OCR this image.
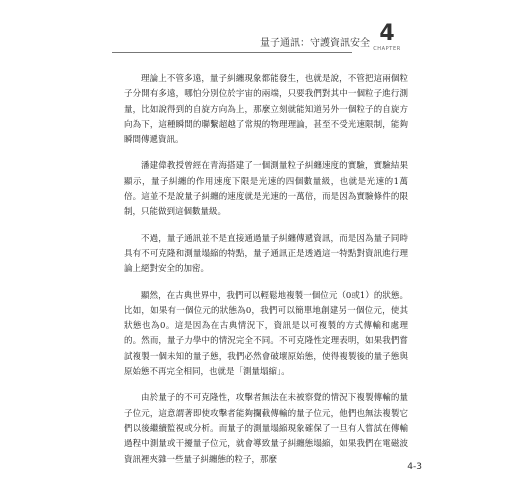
量子通訊：守護資訊安全 4
CHAPTER

理論上不管多遠，量子糾纏現象都能發生，也就是說，不管把這兩個粒子分開有多遠，哪怕分別位於宇宙的兩端，只要我們對其中一個粒子進行測量，比如說得到的自旋方向為上，那麼立刻就能知道另外一個粒子的自旋方向為下，這種瞬間的聯繫超越了常規的物理理論，甚至不受光速限制，能夠瞬間傳遞資訊。

潘建偉教授曾經在青海搭建了一個測量粒子糾纏速度的實驗，實驗結果顯示，量子糾纏的作用速度下限是光速的四個數量級，也就是光速的1萬倍。這並不是說量子糾纏的速度就是光速的一萬倍，而是因為實驗條件的限制，只能做到這個數量級。

不過，量子通訊並不是直接通過量子糾纏傳遞資訊，而是因為量子同時具有不可克隆和測量塌縮的特點，量子通訊正是透過這一特點對資訊進行理論上絕對安全的加密。

顯然，在古典世界中，我們可以輕鬆地複製一個位元（0或1）的狀態。比如，如果有一個位元的狀態為0，我們可以簡單地創建另一個位元，使其狀態也為0。這是因為在古典情況下，資訊是以可複製的方式傳輸和處理的。然而，量子力學中的情況完全不同。不可克隆性定理表明，如果我們嘗試複製一個未知的量子態，我們必然會破壞原始態，使得複製後的量子態與原始態不再完全相同，也就是「測量塌縮」。

由於量子的不可克隆性，攻擊者無法在未被察覺的情況下複製傳輸的量子位元，這意謂著即使攻擊者能夠攔截傳輸的量子位元，他們也無法複製它們以後繼續監視或分析。而量子的測量塌縮現象確保了一旦有人嘗試在傳輸過程中測量或干擾量子位元，就會導致量子糾纏態塌縮，如果我們在電磁波資訊裡夾雜一些量子糾纏態的粒子，那麼

4-3
